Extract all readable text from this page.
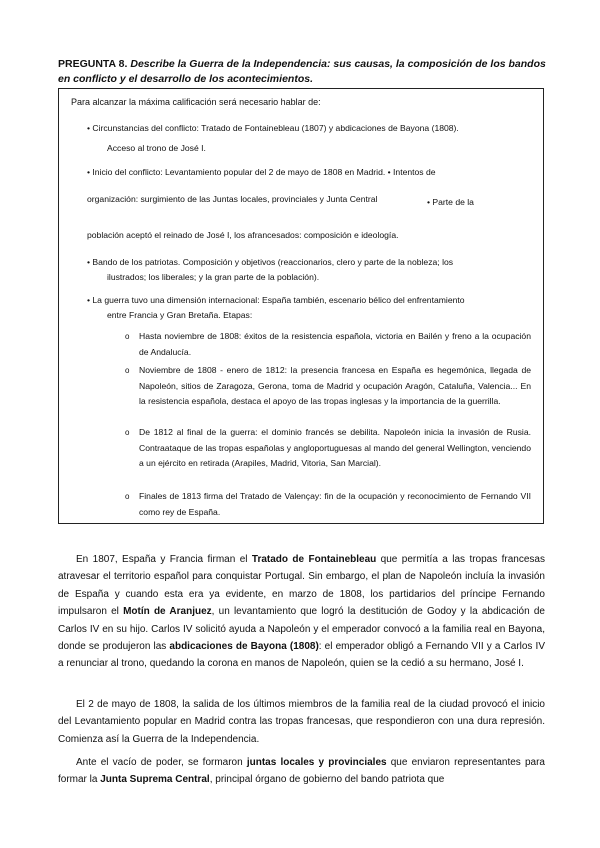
PREGUNTA 8. Describe la Guerra de la Independencia: sus causas, la composición de los bandos en conflicto y el desarrollo de los acontecimientos.
Para alcanzar la máxima calificación será necesario hablar de:
• Circunstancias del conflicto: Tratado de Fontainebleau (1807) y abdicaciones de Bayona (1808).
Acceso al trono de José I.
• Inicio del conflicto: Levantamiento popular del 2 de mayo de 1808 en Madrid. • Intentos de
organización: surgimiento de las Juntas locales, provinciales y Junta Central	• Parte de la
población aceptó el reinado de José I, los afrancesados: composición e ideología.
• Bando de los patriotas. Composición y objetivos (reaccionarios, clero y parte de la nobleza; los
ilustrados; los liberales; y la gran parte de la población).
• La guerra tuvo una dimensión internacional: España también, escenario bélico del enfrentamiento
entre Francia y Gran Bretaña. Etapas:
o Hasta noviembre de 1808: éxitos de la resistencia española, victoria en Bailén y freno a la ocupación de Andalucía.
o Noviembre de 1808 - enero de 1812: la presencia francesa en España es hegemónica, llegada de Napoleón, sitios de Zaragoza, Gerona, toma de Madrid y ocupación Aragón, Cataluña, Valencia... En la resistencia española, destaca el apoyo de las tropas inglesas y la importancia de la guerrilla.
o De 1812 al final de la guerra: el dominio francés se debilita. Napoleón inicia la invasión de Rusia. Contraataque de las tropas españolas y angloportuguesas al mando del general Wellington, venciendo a un ejército en retirada (Arapiles, Madrid, Vitoria, San Marcial).
o Finales de 1813 firma del Tratado de Valençay: fin de la ocupación y reconocimiento de Fernando VII como rey de España.
En 1807, España y Francia firman el Tratado de Fontainebleau que permitía a las tropas francesas atravesar el territorio español para conquistar Portugal. Sin embargo, el plan de Napoleón incluía la invasión de España y cuando esta era ya evidente, en marzo de 1808, los partidarios del príncipe Fernando impulsaron el Motín de Aranjuez, un levantamiento que logró la destitución de Godoy y la abdicación de Carlos IV en su hijo. Carlos IV solicitó ayuda a Napoleón y el emperador convocó a la familia real en Bayona, donde se produjeron las abdicaciones de Bayona (1808): el emperador obligó a Fernando VII y a Carlos IV a renunciar al trono, quedando la corona en manos de Napoleón, quien se la cedió a su hermano, José I.
El 2 de mayo de 1808, la salida de los últimos miembros de la familia real de la ciudad provocó el inicio del Levantamiento popular en Madrid contra las tropas francesas, que respondieron con una dura represión. Comienza así la Guerra de la Independencia.
Ante el vacío de poder, se formaron juntas locales y provinciales que enviaron representantes para formar la Junta Suprema Central, principal órgano de gobierno del bando patriota que
